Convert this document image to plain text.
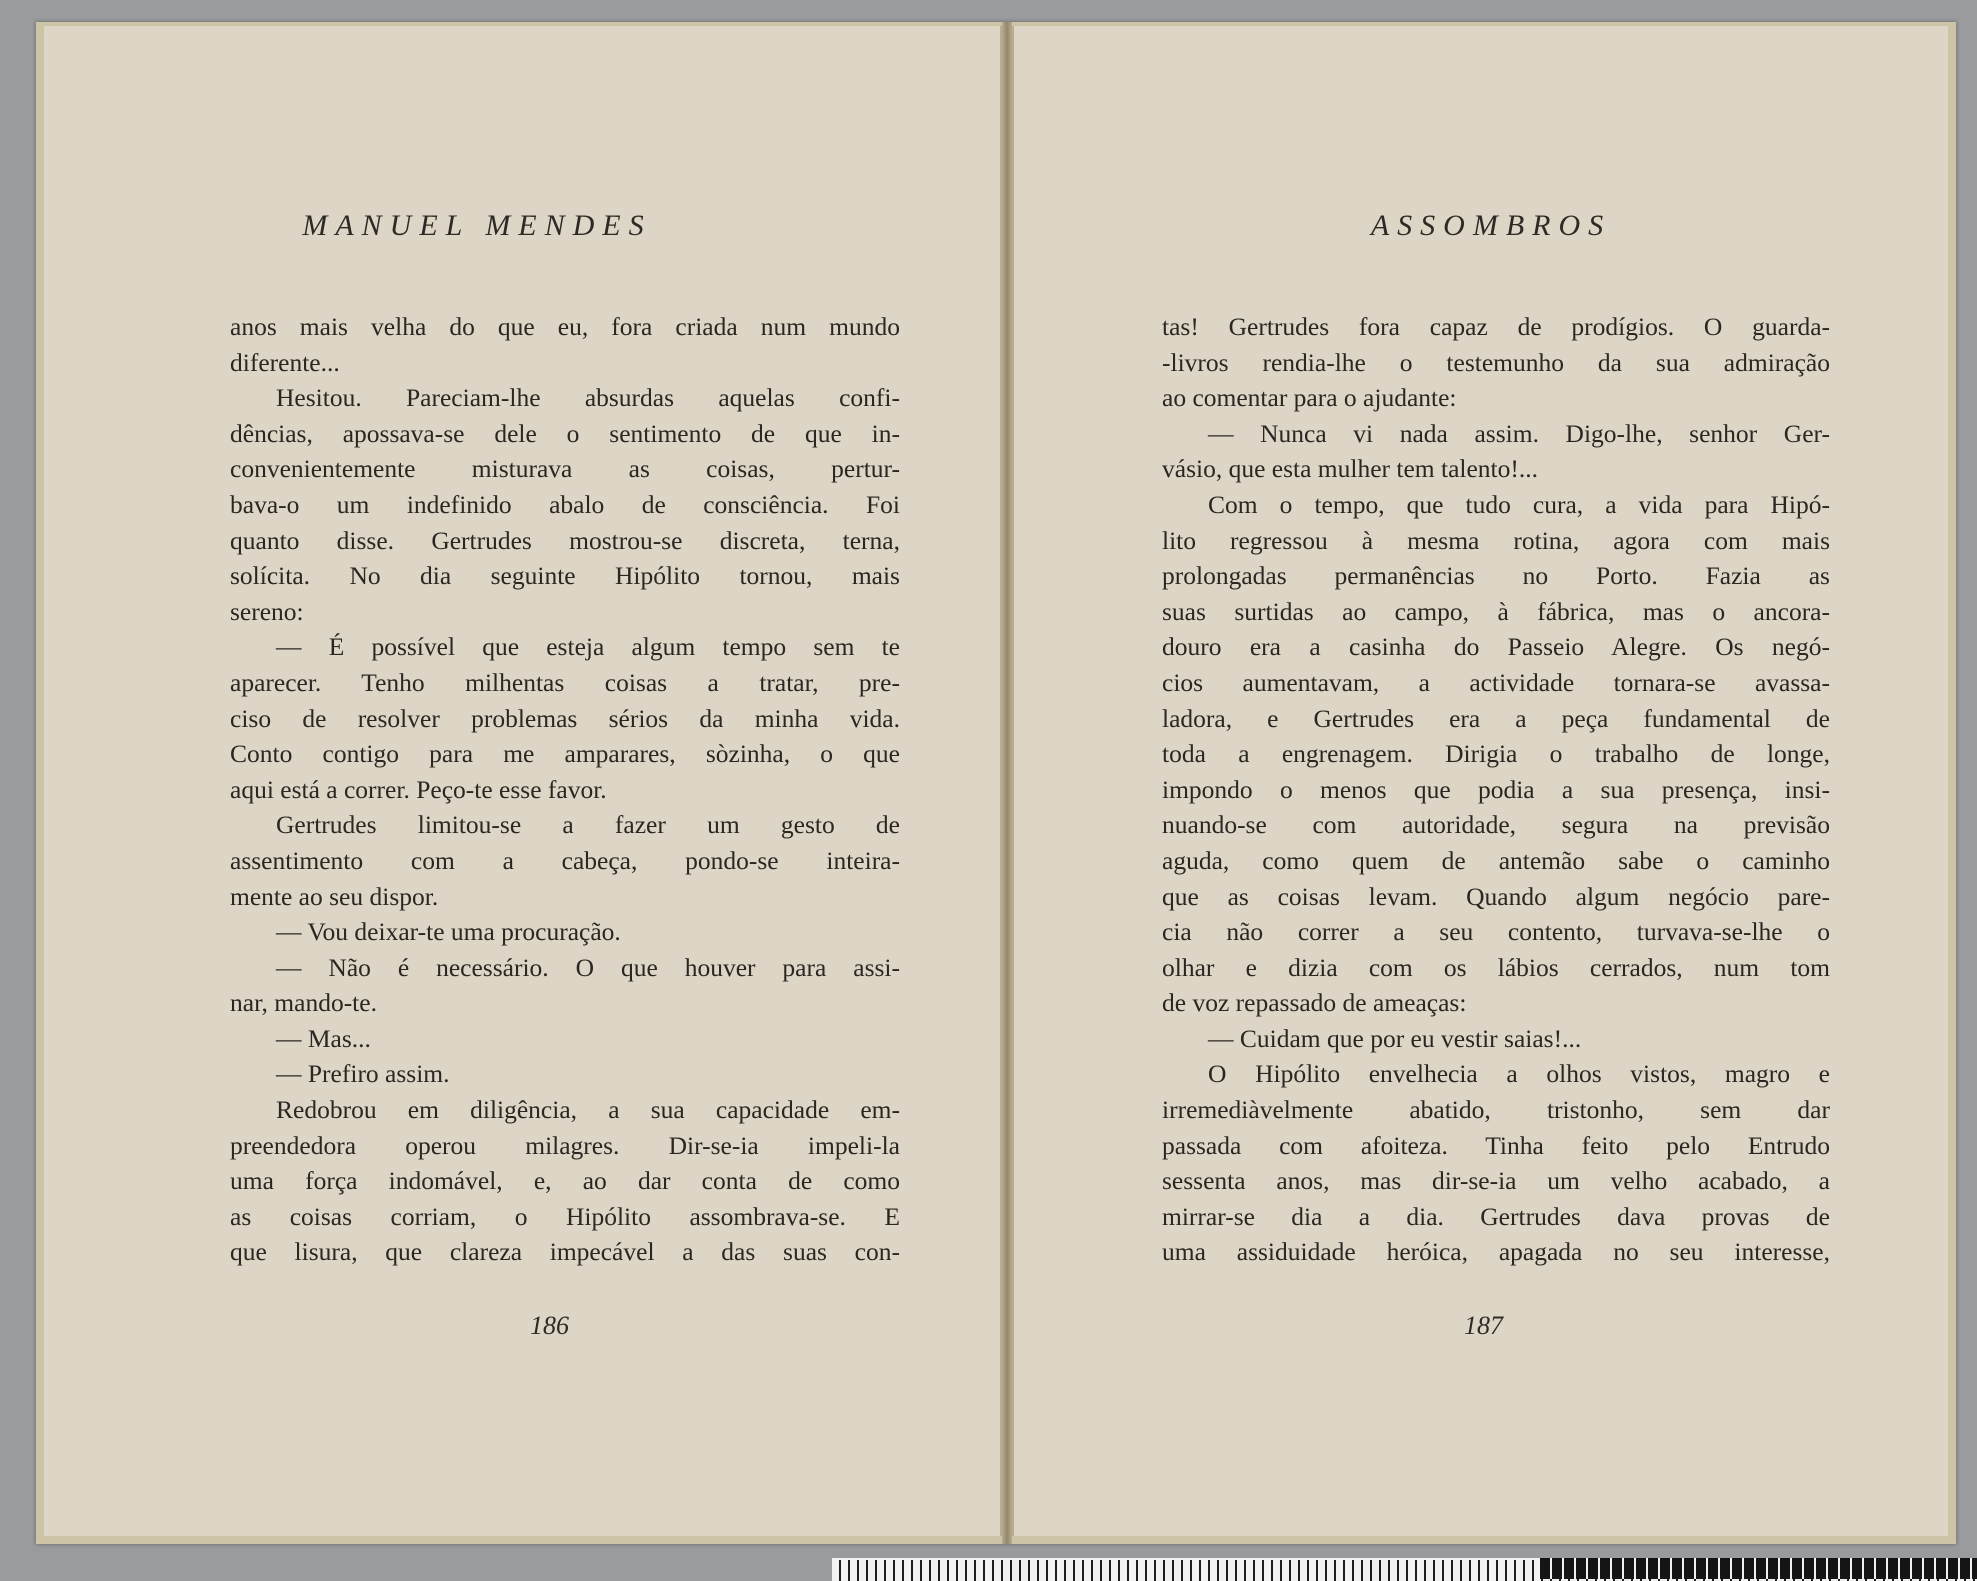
MANUEL MENDES
anos mais velha do que eu, fora criada num mundo
diferente...
Hesitou. Pareciam-lhe absurdas aquelas confi-
dências, apossava-se dele o sentimento de que in-
convenientemente misturava as coisas, pertur-
bava-o um indefinido abalo de consciência. Foi
quanto disse. Gertrudes mostrou-se discreta, terna,
solícita. No dia seguinte Hipólito tornou, mais
sereno:
— É possível que esteja algum tempo sem te
aparecer. Tenho milhentas coisas a tratar, pre-
ciso de resolver problemas sérios da minha vida.
Conto contigo para me amparares, sòzinha, o que
aqui está a correr. Peço-te esse favor.
Gertrudes limitou-se a fazer um gesto de
assentimento com a cabeça, pondo-se inteira-
mente ao seu dispor.
— Vou deixar-te uma procuração.
— Não é necessário. O que houver para assi-
nar, mando-te.
— Mas...
— Prefiro assim.
Redobrou em diligência, a sua capacidade em-
preendedora operou milagres. Dir-se-ia impeli-la
uma força indomável, e, ao dar conta de como
as coisas corriam, o Hipólito assombrava-se. E
que lisura, que clareza impecável a das suas con-
186
ASSOMBROS
tas! Gertrudes fora capaz de prodígios. O guarda-
-livros rendia-lhe o testemunho da sua admiração
ao comentar para o ajudante:
— Nunca vi nada assim. Digo-lhe, senhor Ger-
vásio, que esta mulher tem talento!...
Com o tempo, que tudo cura, a vida para Hipó-
lito regressou à mesma rotina, agora com mais
prolongadas permanências no Porto. Fazia as
suas surtidas ao campo, à fábrica, mas o ancora-
douro era a casinha do Passeio Alegre. Os negó-
cios aumentavam, a actividade tornara-se avassa-
ladora, e Gertrudes era a peça fundamental de
toda a engrenagem. Dirigia o trabalho de longe,
impondo o menos que podia a sua presença, insi-
nuando-se com autoridade, segura na previsão
aguda, como quem de antemão sabe o caminho
que as coisas levam. Quando algum negócio pare-
cia não correr a seu contento, turvava-se-lhe o
olhar e dizia com os lábios cerrados, num tom
de voz repassado de ameaças:
— Cuidam que por eu vestir saias!...
O Hipólito envelhecia a olhos vistos, magro e
irremediàvelmente abatido, tristonho, sem dar
passada com afoiteza. Tinha feito pelo Entrudo
sessenta anos, mas dir-se-ia um velho acabado, a
mirrar-se dia a dia. Gertrudes dava provas de
uma assiduidade heróica, apagada no seu interesse,
187
